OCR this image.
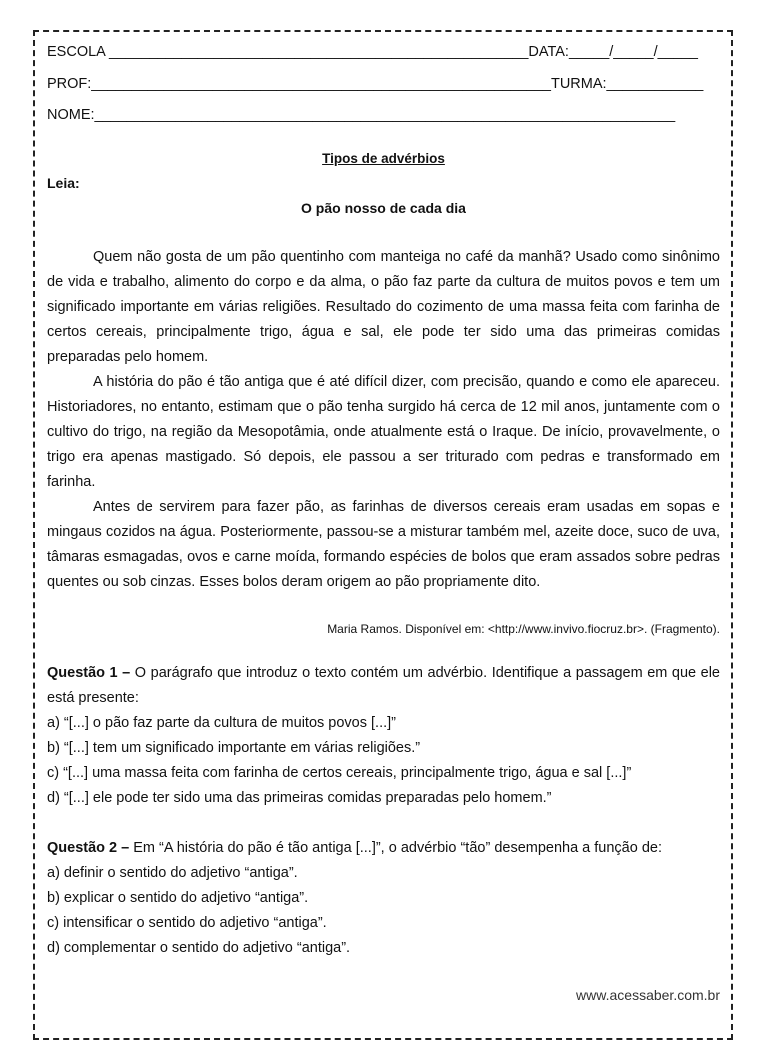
ESCOLA ____________________________________________________DATA:_____/_____/_____
PROF:_________________________________________________________TURMA:____________
NOME:________________________________________________________________________
Tipos de advérbios
Leia:
O pão nosso de cada dia

Quem não gosta de um pão quentinho com manteiga no café da manhã? Usado como sinônimo de vida e trabalho, alimento do corpo e da alma, o pão faz parte da cultura de muitos povos e tem um significado importante em várias religiões. Resultado do cozimento de uma massa feita com farinha de certos cereais, principalmente trigo, água e sal, ele pode ter sido uma das primeiras comidas preparadas pelo homem.

A história do pão é tão antiga que é até difícil dizer, com precisão, quando e como ele apareceu. Historiadores, no entanto, estimam que o pão tenha surgido há cerca de 12 mil anos, juntamente com o cultivo do trigo, na região da Mesopotâmia, onde atualmente está o Iraque. De início, provavelmente, o trigo era apenas mastigado. Só depois, ele passou a ser triturado com pedras e transformado em farinha.

Antes de servirem para fazer pão, as farinhas de diversos cereais eram usadas em sopas e mingaus cozidos na água. Posteriormente, passou-se a misturar também mel, azeite doce, suco de uva, tâmaras esmagadas, ovos e carne moída, formando espécies de bolos que eram assados sobre pedras quentes ou sob cinzas. Esses bolos deram origem ao pão propriamente dito.

Maria Ramos. Disponível em: <http://www.invivo.fiocruz.br>. (Fragmento).

Questão 1 – O parágrafo que introduz o texto contém um advérbio. Identifique a passagem em que ele está presente:

a) “[...] o pão faz parte da cultura de muitos povos [...]”

b) “[...] tem um significado importante em várias religiões.”

c) “[...] uma massa feita com farinha de certos cereais, principalmente trigo, água e sal [...]”

d) “[...] ele pode ter sido uma das primeiras comidas preparadas pelo homem.”

Questão 2 – Em “A história do pão é tão antiga [...]”, o advérbio “tão” desempenha a função de:

a) definir o sentido do adjetivo “antiga”.

b) explicar o sentido do adjetivo “antiga”.

c) intensificar o sentido do adjetivo “antiga”.

d) complementar o sentido do adjetivo “antiga”.

www.acessaber.com.br
